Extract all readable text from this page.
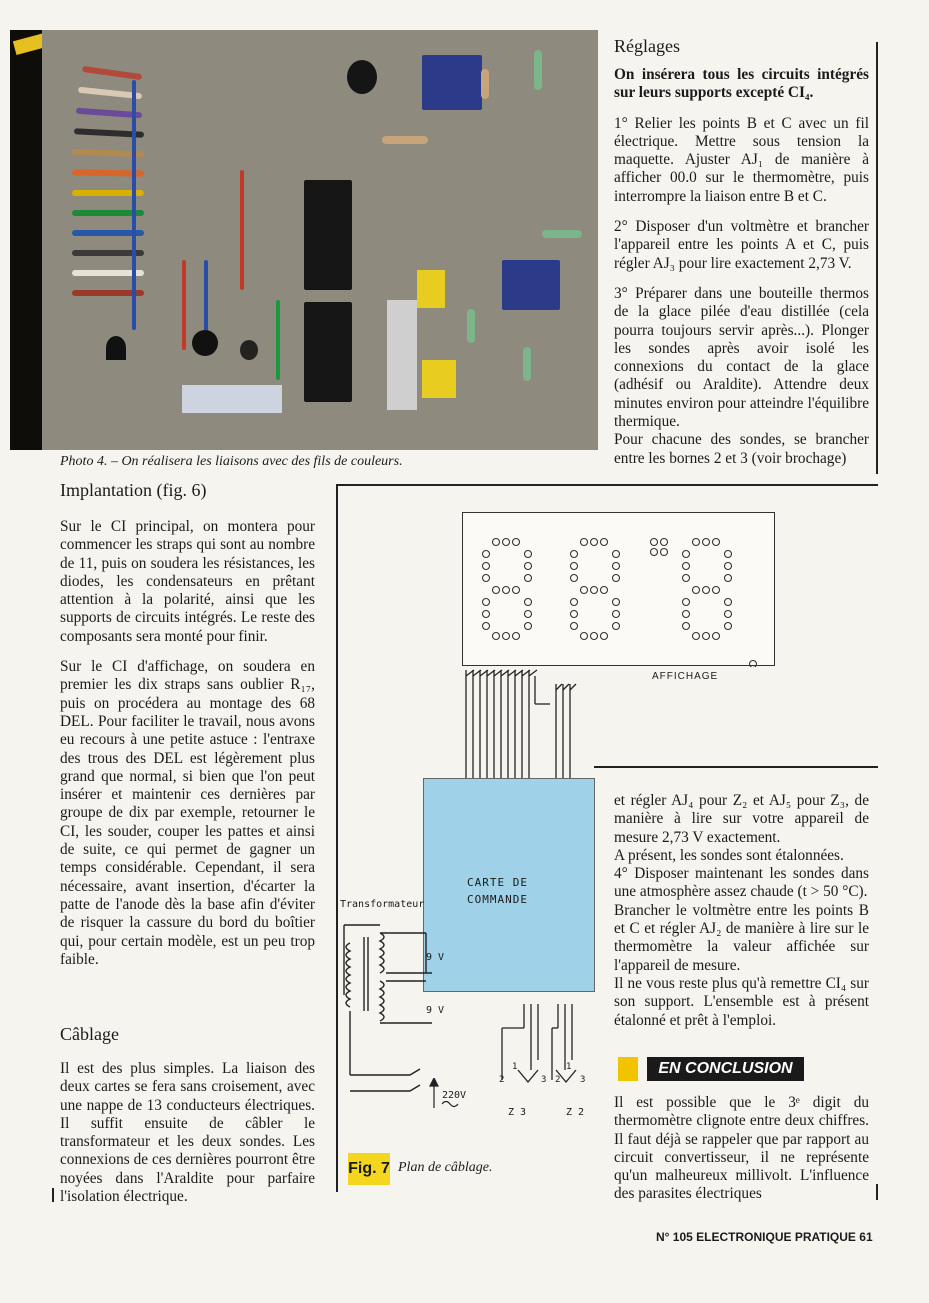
Photo 4. – On réalisera les liaisons avec des fils de couleurs.
Réglages

On insérera tous les circuits intégrés sur leurs supports excepté CI₄.

1° Relier les points B et C avec un fil électrique. Mettre sous tension la maquette. Ajuster AJ₁ de manière à afficher 00.0 sur le thermomètre, puis interrompre la liaison entre B et C.

2° Disposer d'un voltmètre et brancher l'appareil entre les points A et C, puis régler AJ₃ pour lire exactement 2,73 V.

3° Préparer dans une bouteille thermos de la glace pilée d'eau distillée (cela pourra toujours servir après...). Plonger les sondes après avoir isolé les connexions du contact de la glace (adhésif ou Araldite). Attendre deux minutes environ pour atteindre l'équilibre thermique.

Pour chacune des sondes, se brancher entre les bornes 2 et 3 (voir brochage)

Implantation (fig. 6)

Sur le CI principal, on montera pour commencer les straps qui sont au nombre de 11, puis on soudera les résistances, les diodes, les condensateurs en prêtant attention à la polarité, ainsi que les supports de circuits intégrés. Le reste des composants sera monté pour finir.

Sur le CI d'affichage, on soudera en premier les dix straps sans oublier R₁₇, puis on procédera au montage des 68 DEL. Pour faciliter le travail, nous avons eu recours à une petite astuce : l'entraxe des trous des DEL est légèrement plus grand que normal, si bien que l'on peut insérer et maintenir ces dernières par groupe de dix par exemple, retourner le CI, les souder, couper les pattes et ainsi de suite, ce qui permet de gagner un temps considérable. Cependant, il sera nécessaire, avant insertion, d'écarter la patte de l'anode dès la base afin d'éviter de risquer la cassure du bord du boîtier qui, pour certain modèle, est un peu trop faible.

Câblage

Il est des plus simples. La liaison des deux cartes se fera sans croisement, avec une nappe de 13 conducteurs électriques. Il suffit ensuite de câbler le transformateur et les deux sondes. Les connexions de ces dernières pourront être noyées dans l'Araldite pour parfaire l'isolation électrique.

AFFICHAGE
CARTE DE
COMMANDE
Transformateur
9 V
9 V
220V
1
2	3
1
2 3
Z 3	Z 2
Fig. 7 Plan de câblage.

et régler AJ₄ pour Z₂ et AJ₅ pour Z₃, de manière à lire sur votre appareil de mesure 2,73 V exactement.

A présent, les sondes sont étalonnées.

4° Disposer maintenant les sondes dans une atmosphère assez chaude (t > 50 °C).

Brancher le voltmètre entre les points B et C et régler AJ₂ de manière à lire sur le thermomètre la valeur affichée sur l'appareil de mesure.

Il ne vous reste plus qu'à remettre CI₄ sur son support. L'ensemble est à présent étalonné et prêt à l'emploi.

EN CONCLUSION

Il est possible que le 3ᵉ digit du thermomètre clignote entre deux chiffres. Il faut déjà se rappeler que par rapport au circuit convertisseur, il ne représente qu'un malheureux millivolt. L'influence des parasites électriques

N° 105 ELECTRONIQUE PRATIQUE 61
